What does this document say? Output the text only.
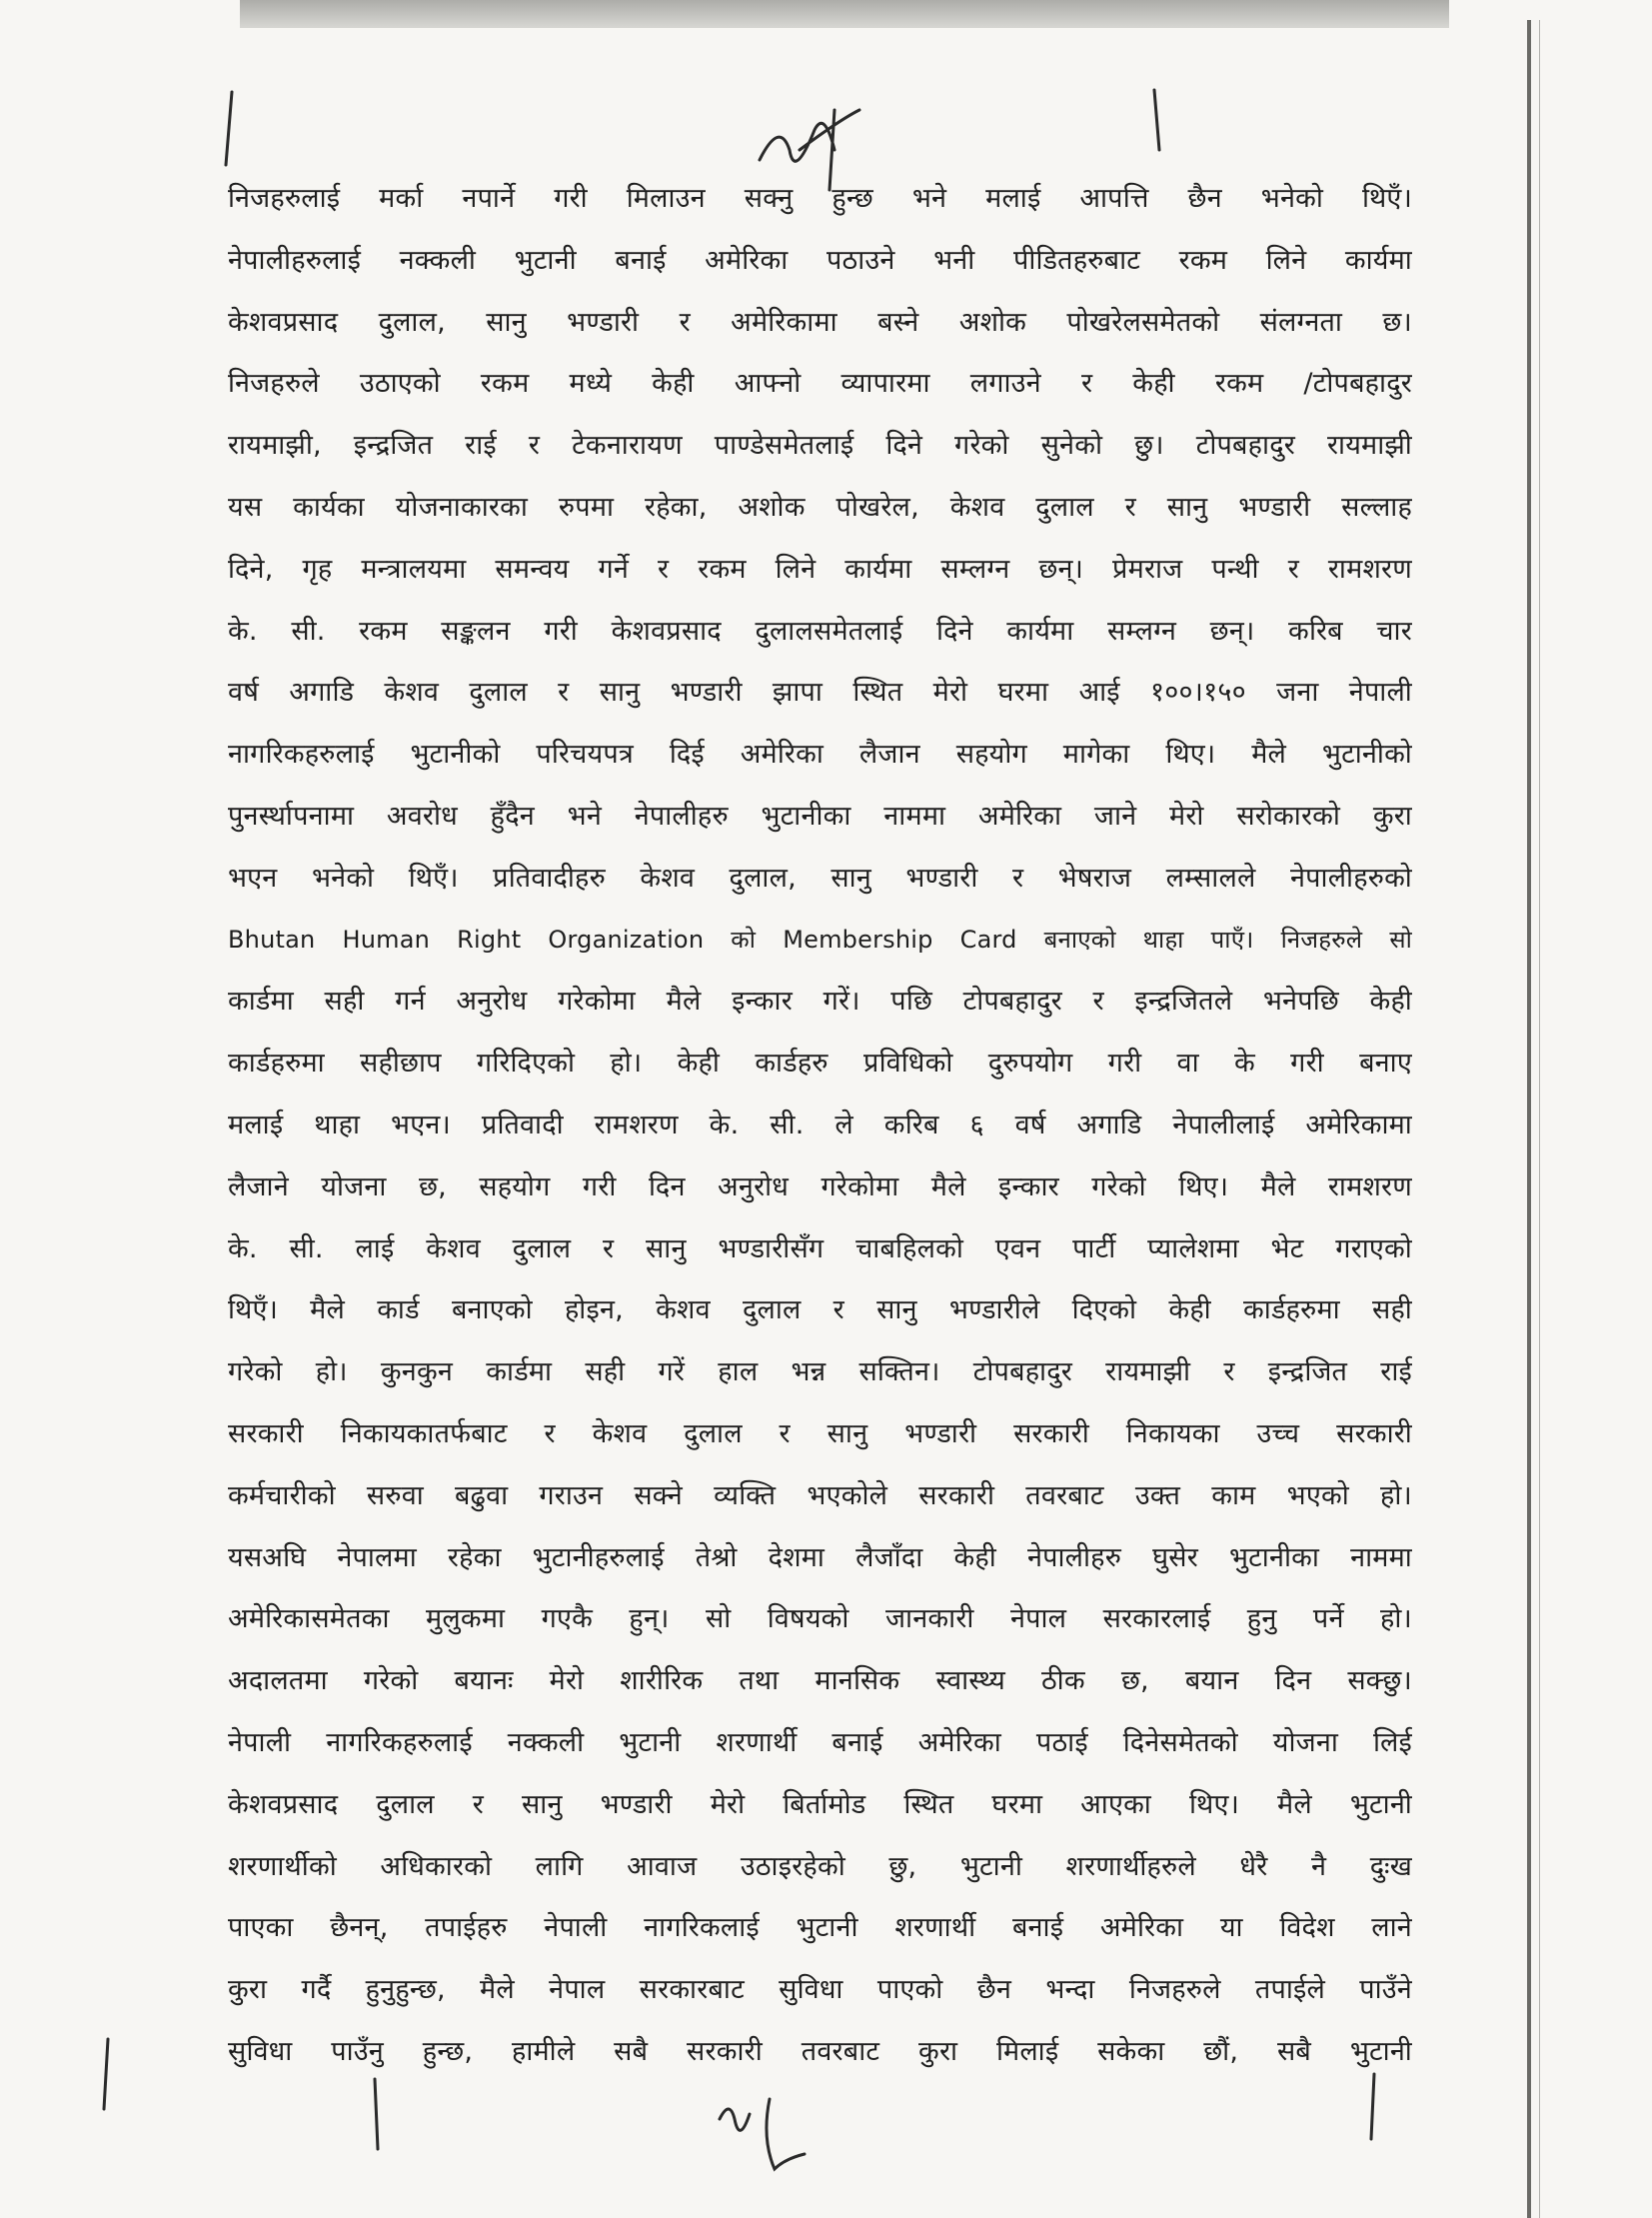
निजहरुलाई मर्का नपार्ने गरी मिलाउन सक्नु हुन्छ भने मलाई आपत्ति छैन भनेको थिएँ।
नेपालीहरुलाई नक्कली भुटानी बनाई अमेरिका पठाउने भनी पीडितहरुबाट रकम लिने कार्यमा
केशवप्रसाद दुलाल, सानु भण्डारी र अमेरिकामा बस्ने अशोक पोखरेलसमेतको संलग्नता छ।
निजहरुले उठाएको रकम मध्ये केही आफ्नो व्यापारमा लगाउने र केही रकम /टोपबहादुर
रायमाझी, इन्द्रजित राई र टेकनारायण पाण्डेसमेतलाई दिने गरेको सुनेको छु। टोपबहादुर रायमाझी
यस कार्यका योजनाकारका रुपमा रहेका, अशोक पोखरेल, केशव दुलाल र सानु भण्डारी सल्लाह
दिने, गृह मन्त्रालयमा समन्वय गर्ने र रकम लिने कार्यमा सम्लग्न छन्। प्रेमराज पन्थी र रामशरण
के. सी. रकम सङ्कलन गरी केशवप्रसाद दुलालसमेतलाई दिने कार्यमा सम्लग्न छन्। करिब चार
वर्ष अगाडि केशव दुलाल र सानु भण्डारी झापा स्थित मेरो घरमा आई १००।१५० जना नेपाली
नागरिकहरुलाई भुटानीको परिचयपत्र दिई अमेरिका लैजान सहयोग मागेका थिए। मैले भुटानीको
पुनर्स्थापनामा अवरोध हुँदैन भने नेपालीहरु भुटानीका नाममा अमेरिका जाने मेरो सरोकारको कुरा
भएन भनेको थिएँ। प्रतिवादीहरु केशव दुलाल, सानु भण्डारी र भेषराज लम्सालले नेपालीहरुको
Bhutan Human Right Organization को Membership Card बनाएको थाहा पाएँ। निजहरुले सो
कार्डमा सही गर्न अनुरोध गरेकोमा मैले इन्कार गरें। पछि टोपबहादुर र इन्द्रजितले भनेपछि केही
कार्डहरुमा सहीछाप गरिदिएको हो। केही कार्डहरु प्रविधिको दुरुपयोग गरी वा के गरी बनाए
मलाई थाहा भएन। प्रतिवादी रामशरण के. सी. ले करिब ६ वर्ष अगाडि नेपालीलाई अमेरिकामा
लैजाने योजना छ, सहयोग गरी दिन अनुरोध गरेकोमा मैले इन्कार गरेको थिए। मैले रामशरण
के. सी. लाई केशव दुलाल र सानु भण्डारीसँग चाबहिलको एवन पार्टी प्यालेशमा भेट गराएको
थिएँ। मैले कार्ड बनाएको होइन, केशव दुलाल र सानु भण्डारीले दिएको केही कार्डहरुमा सही
गरेको हो। कुनकुन कार्डमा सही गरें हाल भन्न सक्तिन। टोपबहादुर रायमाझी र इन्द्रजित राई
सरकारी निकायकातर्फबाट र केशव दुलाल र सानु भण्डारी सरकारी निकायका उच्च सरकारी
कर्मचारीको सरुवा बढुवा गराउन सक्ने व्यक्ति भएकोले सरकारी तवरबाट उक्त काम भएको हो।
यसअघि नेपालमा रहेका भुटानीहरुलाई तेश्रो देशमा लैजाँदा केही नेपालीहरु घुसेर भुटानीका नाममा
अमेरिकासमेतका मुलुकमा गएकै हुन्। सो विषयको जानकारी नेपाल सरकारलाई हुनु पर्ने हो।
अदालतमा गरेको बयानः मेरो शारीरिक तथा मानसिक स्वास्थ्य ठीक छ, बयान दिन सक्छु।
नेपाली नागरिकहरुलाई नक्कली भुटानी शरणार्थी बनाई अमेरिका पठाई दिनेसमेतको योजना लिई
केशवप्रसाद दुलाल र सानु भण्डारी मेरो बिर्तामोड स्थित घरमा आएका थिए। मैले भुटानी
शरणार्थीको अधिकारको लागि आवाज उठाइरहेको छु, भुटानी शरणार्थीहरुले धेरै नै दुःख
पाएका छैनन्, तपाईहरु नेपाली नागरिकलाई भुटानी शरणार्थी बनाई अमेरिका या विदेश लाने
कुरा गर्दै हुनुहुन्छ, मैले नेपाल सरकारबाट सुविधा पाएको छैन भन्दा निजहरुले तपाईले पाउँने
सुविधा पाउँनु हुन्छ, हामीले सबै सरकारी तवरबाट कुरा मिलाई सकेका छौं, सबै भुटानी
